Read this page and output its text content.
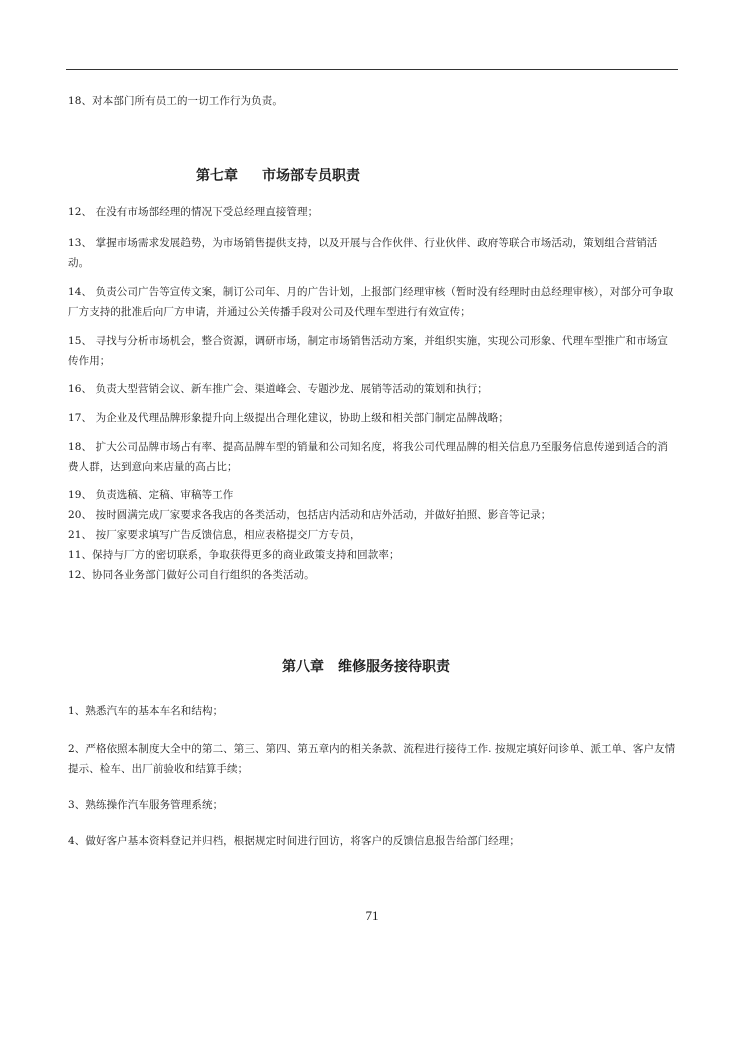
18、对本部门所有员工的一切工作行为负责。
第七章 市场部专员职责
12、 在没有市场部经理的情况下受总经理直接管理；
13、 掌握市场需求发展趋势，为市场销售提供支持，以及开展与合作伙伴、行业伙伴、政府等联合市场活动，策划组合营销活动。
14、 负责公司广告等宣传文案，制订公司年、月的广告计划，上报部门经理审核（暂时没有经理时由总经理审核），对部分可争取厂方支持的批准后向厂方申请，并通过公关传播手段对公司及代理车型进行有效宣传；
15、 寻找与分析市场机会，整合资源，调研市场，制定市场销售活动方案，并组织实施，实现公司形象、代理车型推广和市场宣传作用；
16、 负责大型营销会议、新车推广会、渠道峰会、专题沙龙、展销等活动的策划和执行；
17、 为企业及代理品牌形象提升向上级提出合理化建议，协助上级和相关部门制定品牌战略；
18、 扩大公司品牌市场占有率、提高品牌车型的销量和公司知名度，将我公司代理品牌的相关信息乃至服务信息传递到适合的消费人群，达到意向来店量的高占比；
19、 负责选稿、定稿、审稿等工作
20、 按时圆满完成厂家要求各我店的各类活动，包括店内活动和店外活动，并做好拍照、影音等记录；
21、 按厂家要求填写广告反馈信息，相应表格提交厂方专员，
11、保持与厂方的密切联系，争取获得更多的商业政策支持和回款率；
12、协同各业务部门做好公司自行组织的各类活动。
第八章 维修服务接待职责
1、熟悉汽车的基本车名和结构；
2、严格依照本制度大全中的第二、第三、第四、第五章内的相关条款、流程进行接待工作. 按规定填好问诊单、派工单、客户友情提示、检车、出厂前验收和结算手续；
3、熟练操作汽车服务管理系统；
4、做好客户基本资料登记并归档，根据规定时间进行回访，将客户的反馈信息报告给部门经理；
71
